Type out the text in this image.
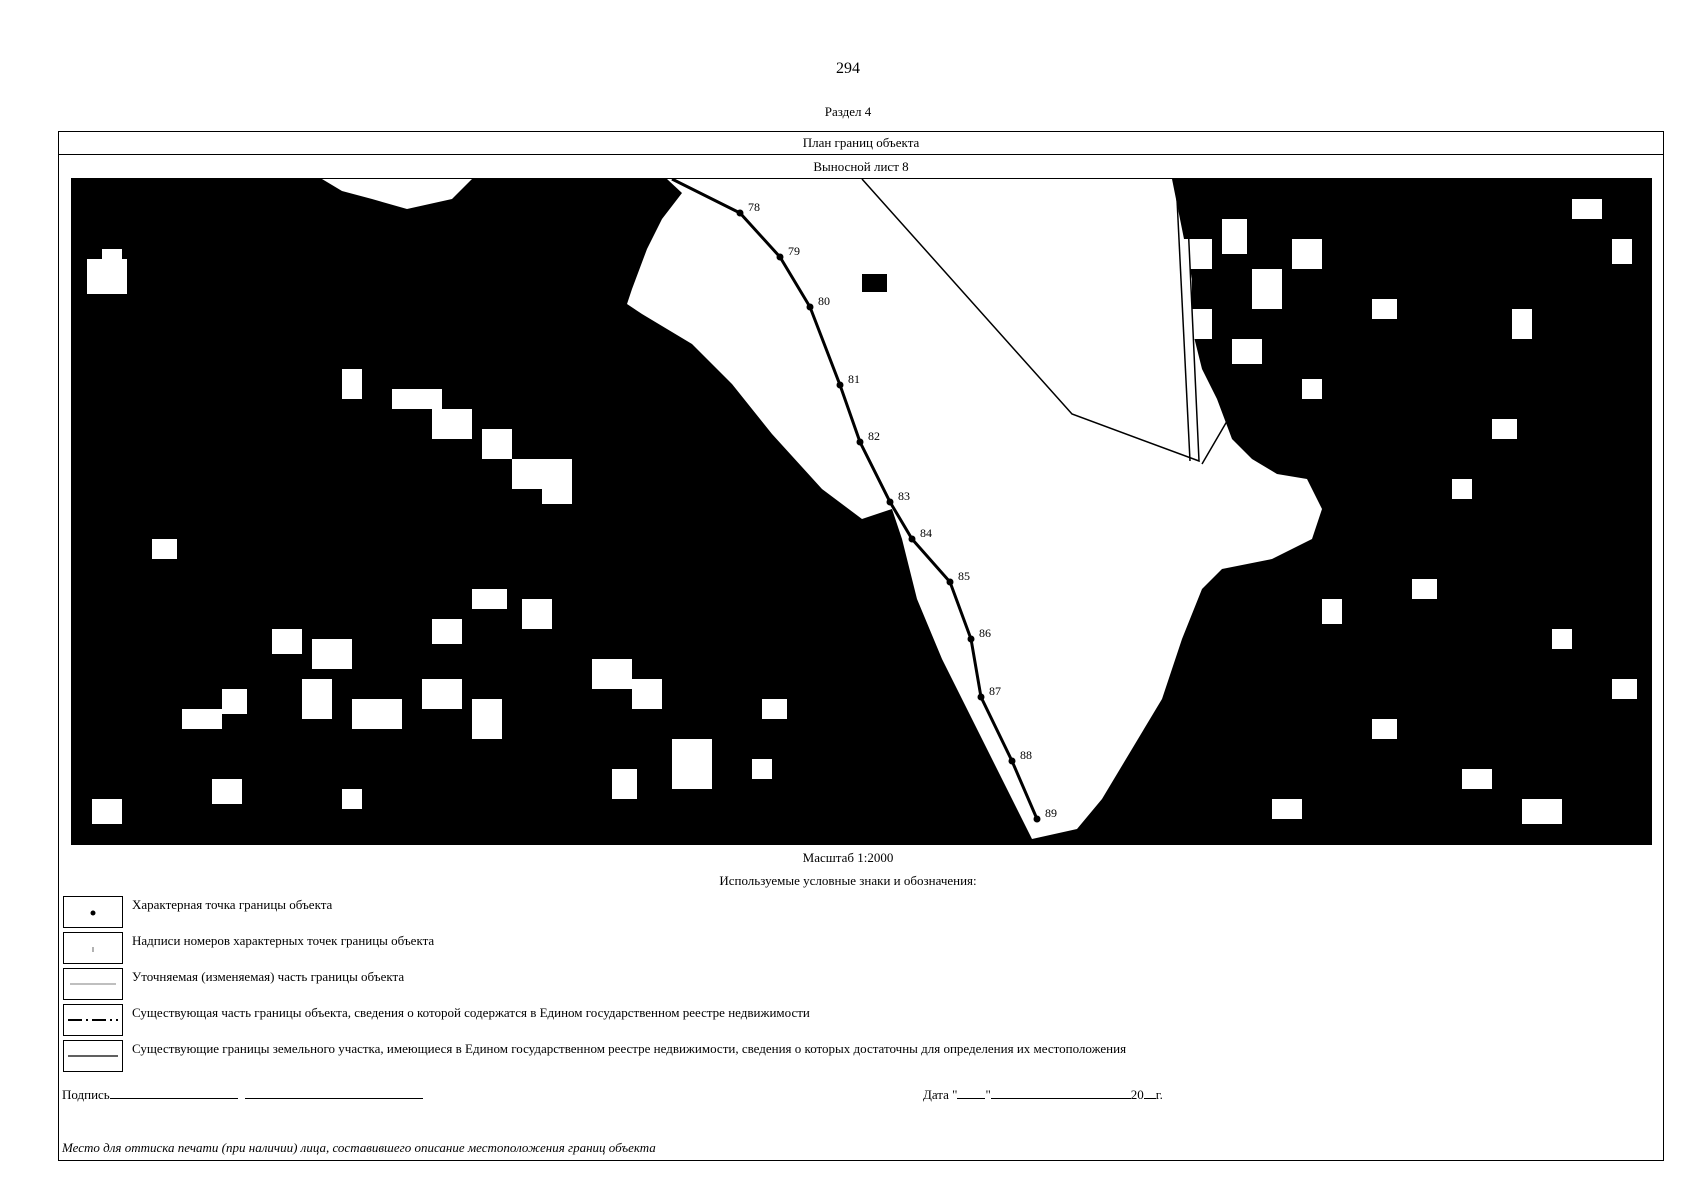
294
Раздел 4
План границ объекта
Выносной лист 8
78
79
80
81
82
83
84
85
86
87
88
89
Масштаб 1:2000
Используемые условные знаки и обозначения:
Характерная точка границы объекта
Надписи номеров характерных точек границы объекта
Уточняемая (изменяемая) часть границы объекта
Существующая часть границы объекта, сведения о которой содержатся в Едином государственном реестре недвижимости
Существующие границы земельного участка, имеющиеся в Едином государственном реестре недвижимости, сведения о которых достаточны для определения их местоположения
Подпись	Дата " "	20 г.
Место для оттиска печати (при наличии) лица, составившего описание местоположения границ объекта
